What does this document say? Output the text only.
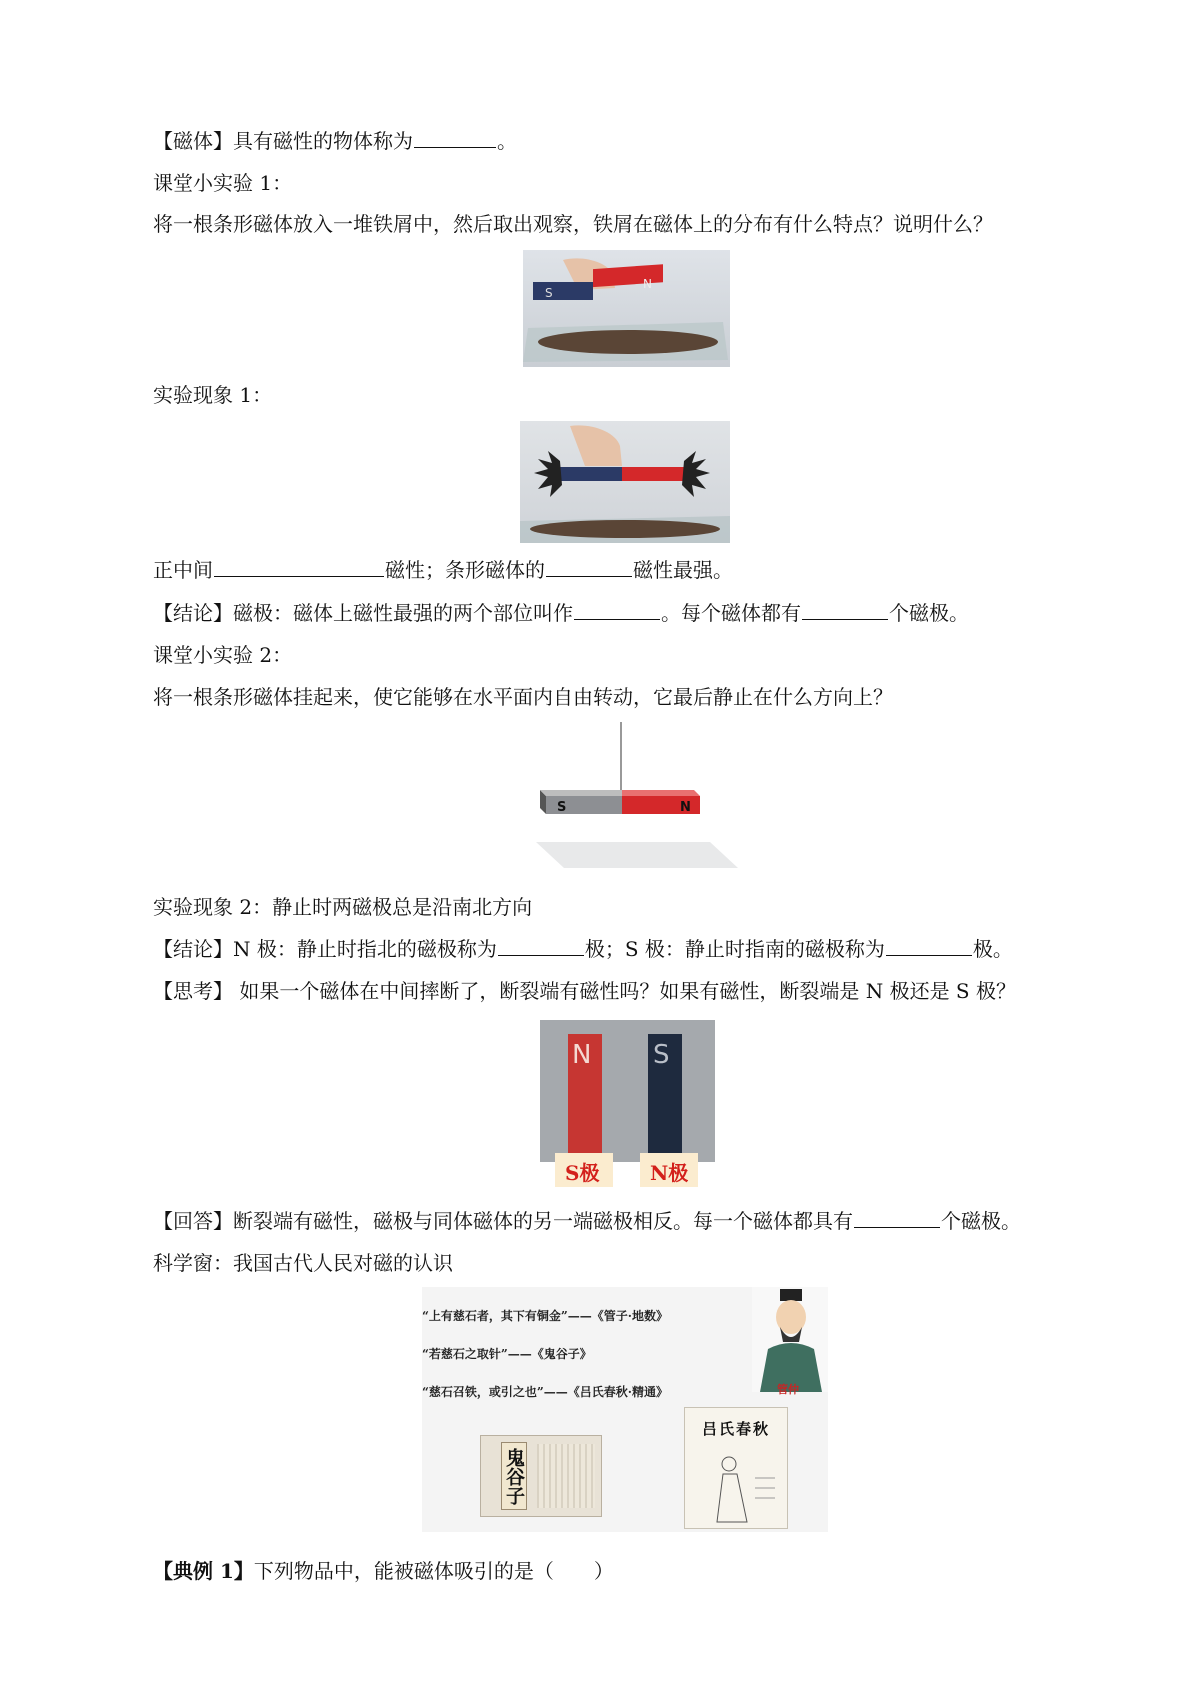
【磁体】具有磁性的物体称为	。
课堂小实验 1：
将一根条形磁体放入一堆铁屑中，然后取出观察，铁屑在磁体上的分布有什么特点？说明什么？
S
N
实验现象 1：
正中间	磁性；条形磁体的	磁性最强。
【结论】磁极：磁体上磁性最强的两个部位叫作	。每个磁体都有	个磁极。
课堂小实验 2：
将一根条形磁体挂起来，使它能够在水平面内自由转动，它最后静止在什么方向上？
S	N
实验现象 2：静止时两磁极总是沿南北方向
【结论】N 极：静止时指北的磁极称为	极；S 极：静止时指南的磁极称为	极。
【思考】 如果一个磁体在中间摔断了，断裂端有磁性吗？如果有磁性，断裂端是 N 极还是 S 极？
N S
S极	N极
【回答】断裂端有磁性，磁极与同体磁体的另一端磁极相反。每一个磁体都具有	个磁极。
科学窗：我国古代人民对磁的认识
“上有慈石者，其下有铜金”——《管子·地数》
“若慈石之取针”——《鬼谷子》
“慈石召铁，或引之也”——《吕氏春秋·精通》	管仲
鬼谷子
吕氏春秋
【典例 1】下列物品中，能被磁体吸引的是（　　）
